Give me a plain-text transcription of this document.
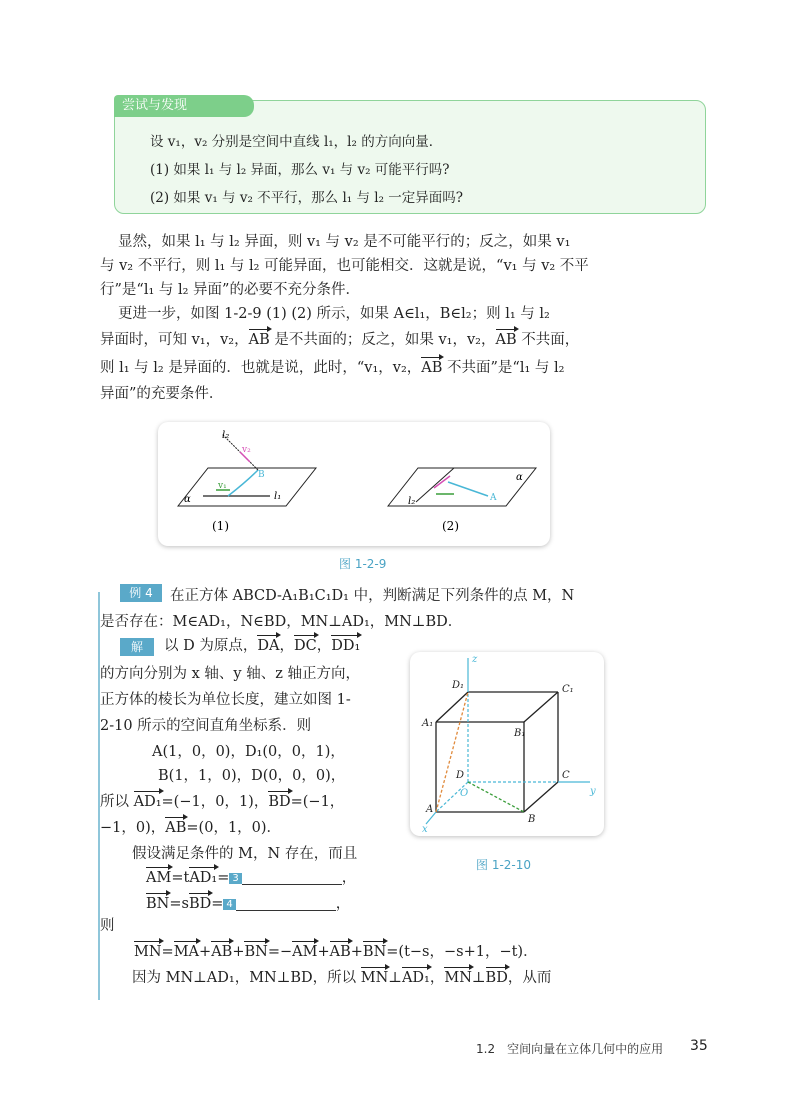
尝试与发现
设 v₁，v₂ 分别是空间中直线 l₁，l₂ 的方向向量．
(1) 如果 l₁ 与 l₂ 异面，那么 v₁ 与 v₂ 可能平行吗?
(2) 如果 v₁ 与 v₂ 不平行，那么 l₁ 与 l₂ 一定异面吗?
显然，如果 l₁ 与 l₂ 异面，则 v₁ 与 v₂ 是不可能平行的；反之，如果 v₁
与 v₂ 不平行，则 l₁ 与 l₂ 可能异面，也可能相交．这就是说，“v₁ 与 v₂ 不平
行”是“l₁ 与 l₂ 异面”的必要不充分条件．
更进一步，如图 1-2-9 (1) (2) 所示，如果 A∈l₁，B∈l₂；则 l₁ 与 l₂
异面时，可知 v₁，v₂，AB 是不共面的；反之，如果 v₁，v₂，AB 不共面，
则 l₁ 与 l₂ 是异面的．也就是说，此时，“v₁，v₂，AB 不共面”是“l₁ 与 l₂
异面”的充要条件．
l₂
v₂
v₁
l₁
B
α	l₂	A
α
(1)	(2)
图 1-2-9
例 4	在正方体 ABCD-A₁B₁C₁D₁ 中，判断满足下列条件的点 M，N
是否存在：M∈AD₁，N∈BD，MN⊥AD₁，MN⊥BD．
解	以 D 为原点，DA，DC，DD₁
的方向分别为 x 轴、y 轴、z 轴正方向，
正方体的棱长为单位长度，建立如图 1-
2-10 所示的空间直角坐标系．则
A(1，0，0)，D₁(0，0，1)，
B(1，1，0)，D(0，0，0)，
所以 AD₁=(−1，0，1)，BD=(−1，
−1，0)，AB=(0，1，0)．
假设满足条件的 M，N 存在，而且
AM=tAD₁= 3	，
BN=sBD= 4	，
则
MN=MA+AB+BN=−AM+AB+BN=(t−s，−s+1，−t)．
因为 MN⊥AD₁，MN⊥BD，所以 MN⊥AD₁，MN⊥BD，从而
z
D₁	C₁
A₁
B₁
D	C
O	y
A
B
x
图 1-2-10
1.2　空间向量在立体几何中的应用 35
